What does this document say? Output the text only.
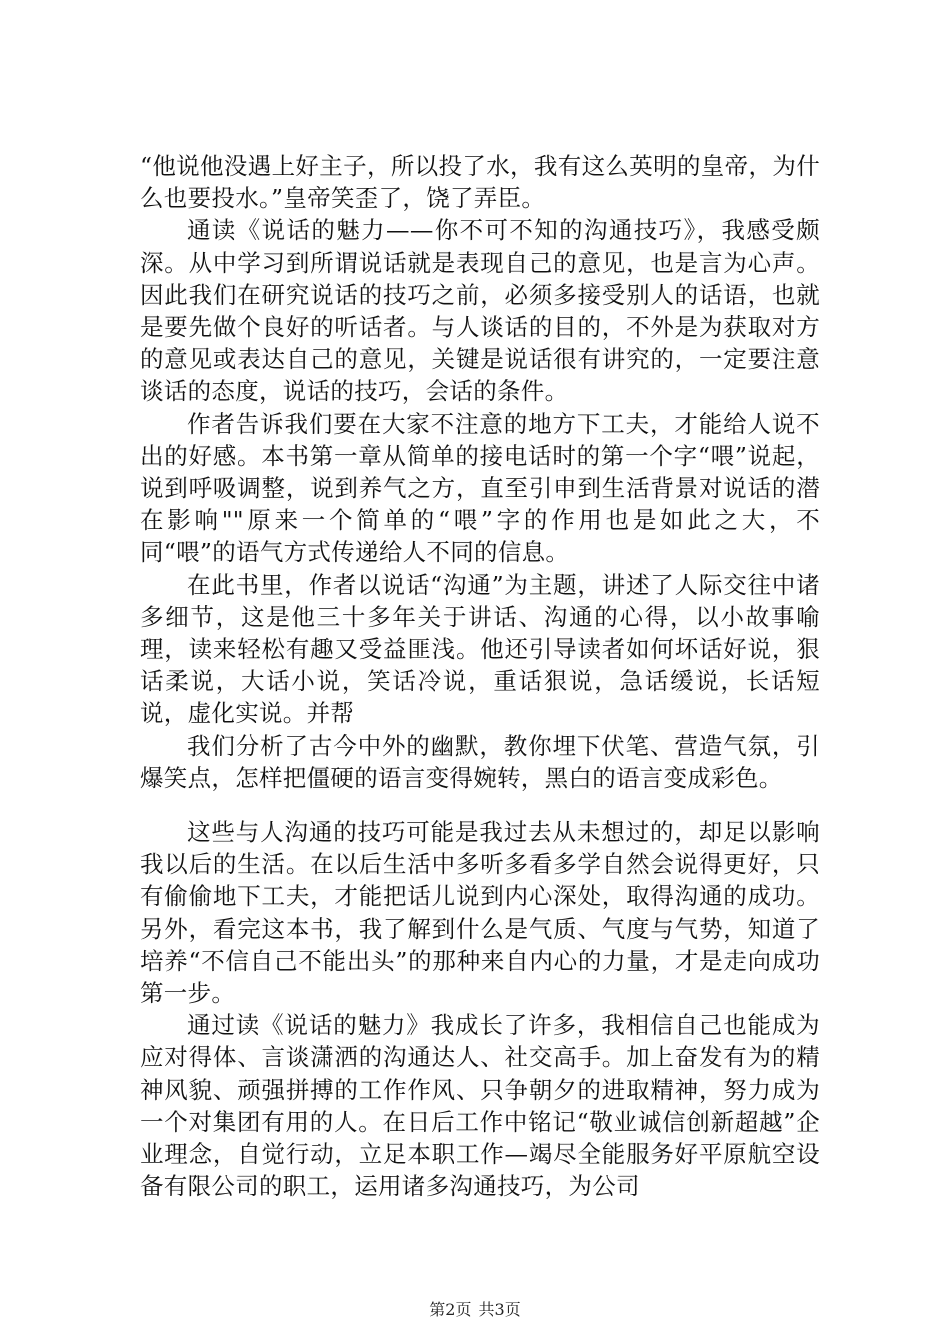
“他说他没遇上好主子，所以投了水，我有这么英明的皇帝，为什么也要投水。”皇帝笑歪了，饶了弄臣。

通读《说话的魅力——你不可不知的沟通技巧》，我感受颇深。从中学习到所谓说话就是表现自己的意见，也是言为心声。因此我们在研究说话的技巧之前，必须多接受别人的话语，也就是要先做个良好的听话者。与人谈话的目的，不外是为获取对方的意见或表达自己的意见，关键是说话很有讲究的，一定要注意谈话的态度，说话的技巧，会话的条件。

作者告诉我们要在大家不注意的地方下工夫，才能给人说不出的好感。本书第一章从简单的接电话时的第一个字“喂”说起，说到呼吸调整，说到养气之方，直至引申到生活背景对说话的潜在影响""原来一个简单的“喂”字的作用也是如此之大，不同“喂”的语气方式传递给人不同的信息。

在此书里，作者以说话“沟通”为主题，讲述了人际交往中诸多细节，这是他三十多年关于讲话、沟通的心得，以小故事喻理，读来轻松有趣又受益匪浅。他还引导读者如何坏话好说，狠话柔说，大话小说，笑话冷说，重话狠说，急话缓说，长话短说，虚化实说。并帮

我们分析了古今中外的幽默，教你埋下伏笔、营造气氛，引爆笑点，怎样把僵硬的语言变得婉转，黑白的语言变成彩色。

这些与人沟通的技巧可能是我过去从未想过的，却足以影响我以后的生活。在以后生活中多听多看多学自然会说得更好，只有偷偷地下工夫，才能把话儿说到内心深处，取得沟通的成功。另外，看完这本书，我了解到什么是气质、气度与气势，知道了培养“不信自己不能出头”的那种来自内心的力量，才是走向成功第一步。

通过读《说话的魅力》我成长了许多，我相信自己也能成为应对得体、言谈潇洒的沟通达人、社交高手。加上奋发有为的精神风貌、顽强拼搏的工作作风、只争朝夕的进取精神，努力成为一个对集团有用的人。在日后工作中铭记“敬业诚信创新超越”企业理念，自觉行动，立足本职工作—竭尽全能服务好平原航空设备有限公司的职工，运用诸多沟通技巧，为公司

第2页 共3页
